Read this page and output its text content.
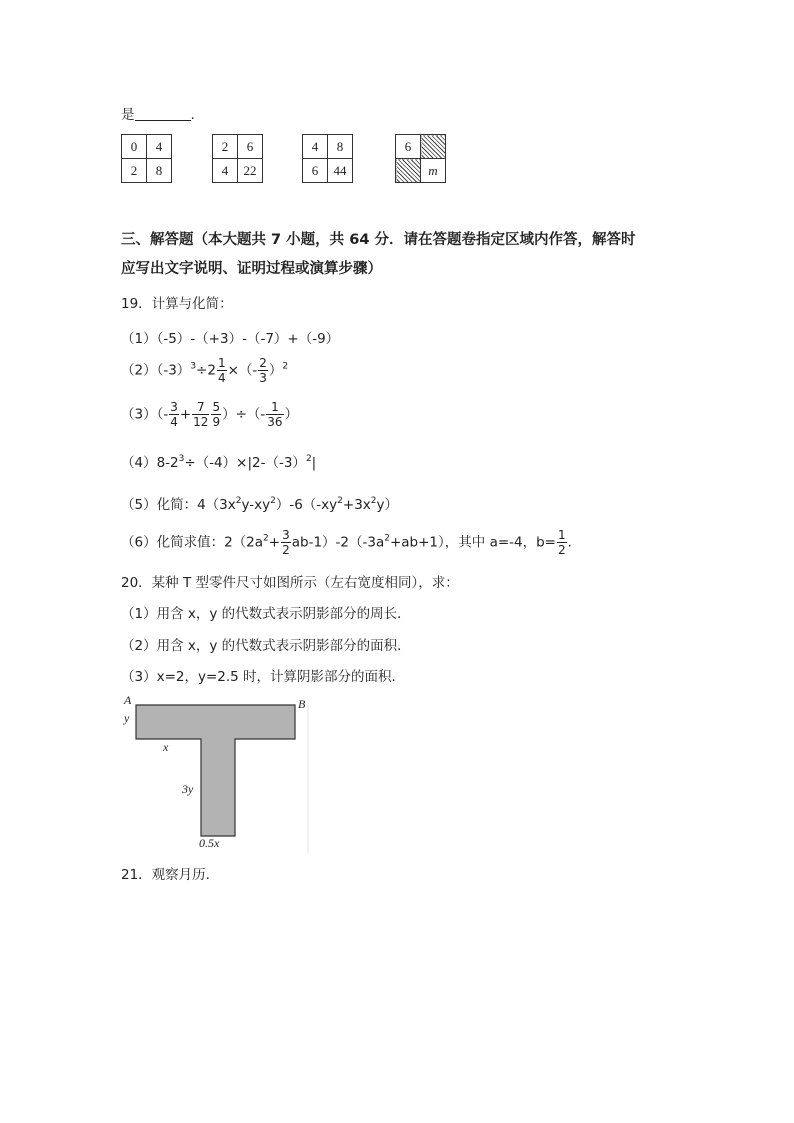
是	.
0	4
2	8
2	6
4	22
4	8
6	44
6	
	m
三、解答题（本大题共 7 小题，共 64 分．请在答题卷指定区域内作答，解答时
应写出文字说明、证明过程或演算步骤）
19．计算与化简：
（1）（-5）-（+3）-（-7）+（-9）
$(2)(-3)^3\div 2 \frac{1}{4}$ ×（- $\frac{2}{3} )^2$
$(3)(- \frac{3}{4} + \frac{7}{12} \frac{5}{9}$ ）÷（- $\frac{1}{36}$ ）
$(4)8-2^3\div(-4)\times|2-(-3)^2|$
（5）化简：$4(3x^2y-xy^2)-6(-xy^2+3x^2y)$
（6）化简求值：$2(2a^2+ \frac{3}{2} ab-1)-2(-3a^2+ab+1)$，其中 a=-4，$b= \frac{1}{2}$ .
20．某种 T 型零件尺寸如图所示（左右宽度相同），求：
（1）用含 x，y 的代数式表示阴影部分的周长．
（2）用含 x，y 的代数式表示阴影部分的面积．
（3）x=2，y=2.5 时，计算阴影部分的面积．
A	B
y
x
3y
0.5x
21．观察月历.
